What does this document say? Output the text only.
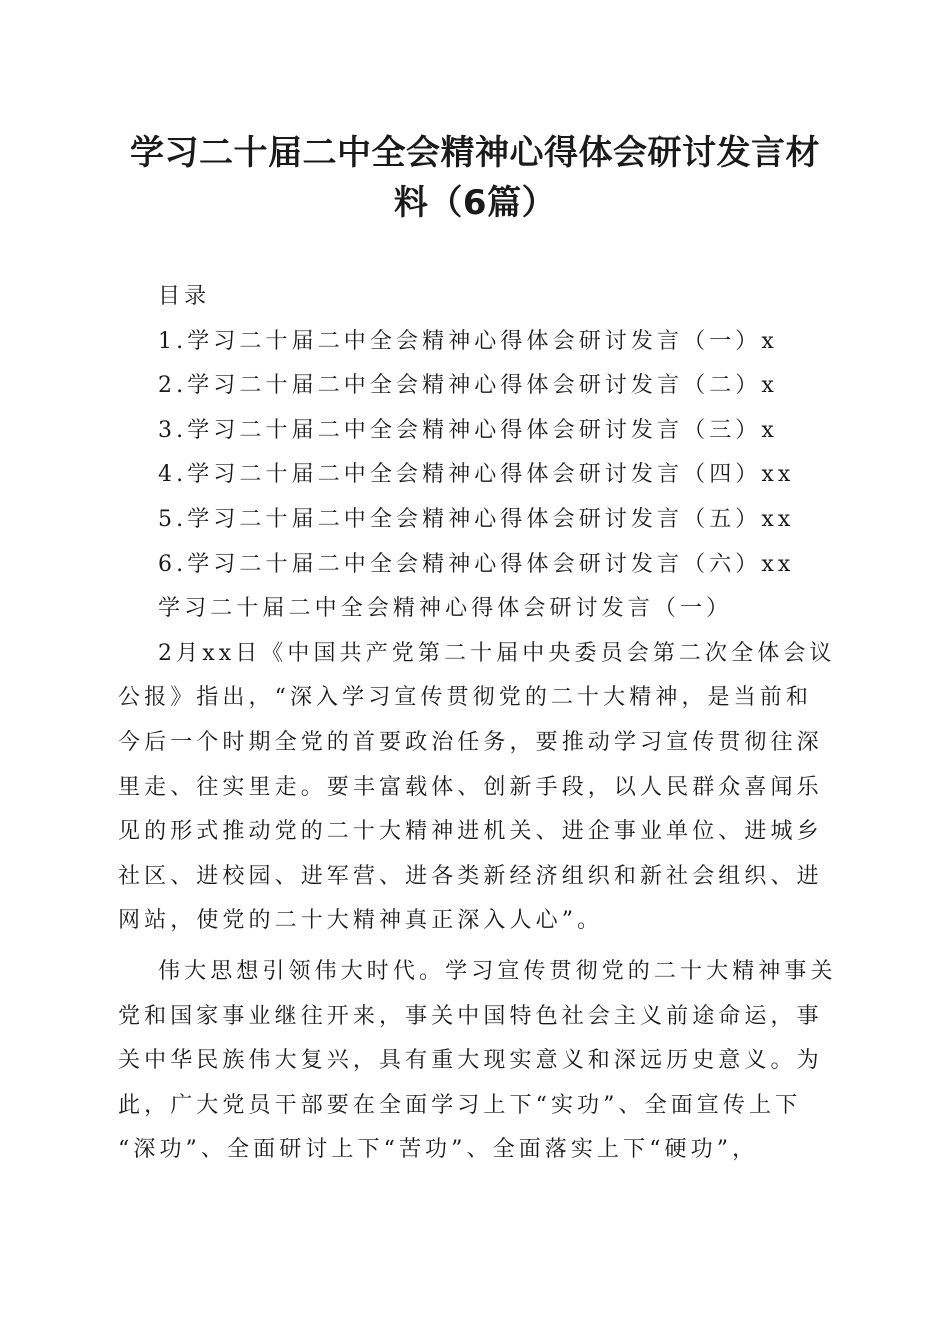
学习二十届二中全会精神心得体会研讨发言材
料（6篇）

目录

1.学习二十届二中全会精神心得体会研讨发言（一）x

2.学习二十届二中全会精神心得体会研讨发言（二）x

3.学习二十届二中全会精神心得体会研讨发言（三）x

4.学习二十届二中全会精神心得体会研讨发言（四）xx

5.学习二十届二中全会精神心得体会研讨发言（五）xx

6.学习二十届二中全会精神心得体会研讨发言（六）xx

学习二十届二中全会精神心得体会研讨发言（一）

2月xx日《中国共产党第二十届中央委员会第二次全体会议

公报》指出，“深入学习宣传贯彻党的二十大精神，是当前和

今后一个时期全党的首要政治任务，要推动学习宣传贯彻往深

里走、往实里走。要丰富载体、创新手段，以人民群众喜闻乐

见的形式推动党的二十大精神进机关、进企事业单位、进城乡

社区、进校园、进军营、进各类新经济组织和新社会组织、进

网站，使党的二十大精神真正深入人心”。

伟大思想引领伟大时代。学习宣传贯彻党的二十大精神事关

党和国家事业继往开来，事关中国特色社会主义前途命运，事

关中华民族伟大复兴，具有重大现实意义和深远历史意义。为

此，广大党员干部要在全面学习上下“实功”、全面宣传上下

“深功”、全面研讨上下“苦功”、全面落实上下“硬功”，
